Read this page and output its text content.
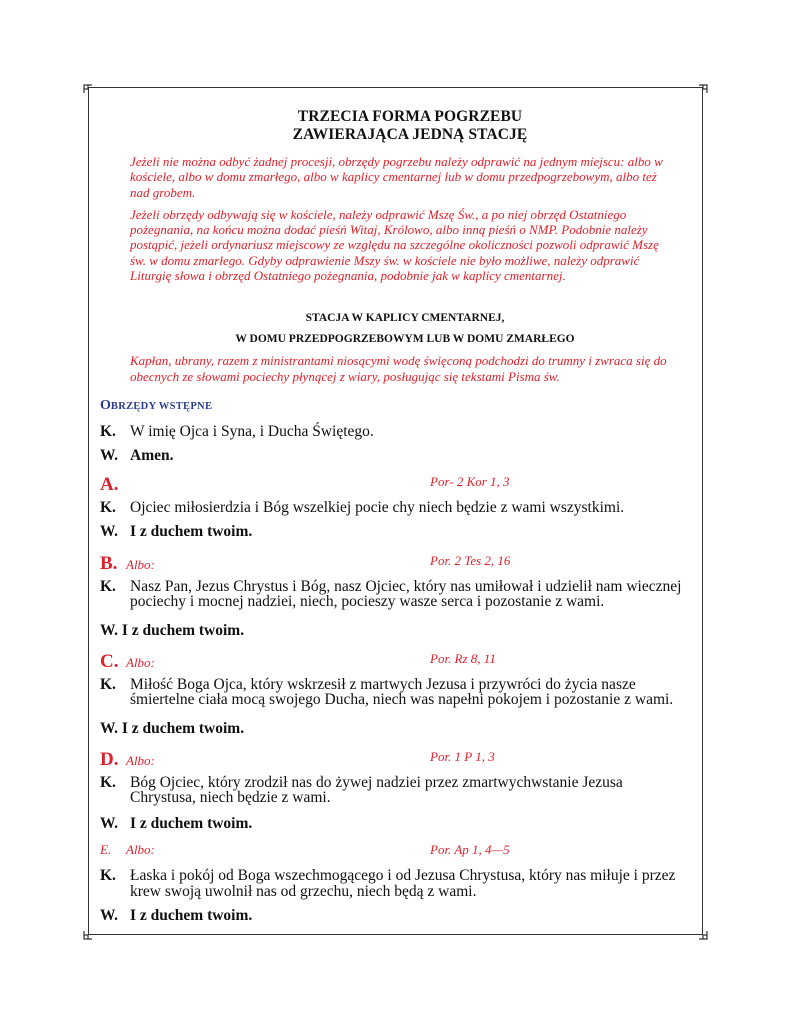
TRZECIA FORMA POGRZEBU
ZAWIERAJĄCA JEDNĄ STACJĘ

Jeżeli nie można odbyć żadnej procesji, obrzędy pogrzebu należy odprawić na jednym miejscu: albo w kościele, albo w domu zmarłego, albo w kaplicy cmentarnej lub w domu przedpogrzebowym, albo też nad grobem.

Jeżeli obrzędy odbywają się w kościele, należy odprawić Mszę Św., a po niej obrzęd Ostatniego pożegnania, na końcu można dodać pieśń Witaj, Królowo, albo inną pieśń o NMP. Podobnie należy postąpić, jeżeli ordynariusz miejscowy ze względu na szczególne okoliczności pozwoli odprawić Mszę św. w domu zmarłego. Gdyby odprawienie Mszy św. w kościele nie było możliwe, należy odprawić Liturgię słowa i obrzęd Ostatniego pożegnania, podobnie jak w kaplicy cmentarnej.

STACJA W KAPLICY CMENTARNEJ,
W DOMU PRZEDPOGRZEBOWYM LUB W DOMU ZMARŁEGO

Kapłan, ubrany, razem z ministrantami niosącymi wodę święconą podchodzi do trumny i zwraca się do obecnych ze słowami pociechy płynącej z wiary, posługując się tekstami Pisma św.

OBRZĘDY WSTĘPNE
K. W imię Ojca i Syna, i Ducha Świętego.
W. Amen.
A.	Por- 2 Kor 1, 3
K. Ojciec miłosierdzia i Bóg wszelkiej pocie chy niech będzie z wami wszystkimi.
W. I z duchem twoim.
B. Albo:	Por. 2 Tes 2, 16
K. Nasz Pan, Jezus Chrystus i Bóg, nasz Ojciec, który nas umiłował i udzielił nam wiecznej pociechy i mocnej nadziei, niech, pocieszy wasze serca i pozostanie z wami.
W. I z duchem twoim.
C. Albo:	Por. Rz 8, 11
K. Miłość Boga Ojca, który wskrzesił z martwych Jezusa i przywróci do życia nasze śmiertelne ciała mocą swojego Ducha, niech was napełni pokojem i pozostanie z wami.
W. I z duchem twoim.
D. Albo:	Por. 1 P 1, 3
K. Bóg Ojciec, który zrodził nas do żywej nadziei przez zmartwychwstanie Jezusa Chrystusa, niech będzie z wami.
W. I z duchem twoim.
E.	Albo:	Por. Ap 1, 4—5
K. Łaska i pokój od Boga wszechmogącego i od Jezusa Chrystusa, który nas miłuje i przez krew swoją uwolnił nas od grzechu, niech będą z wami.
W. I z duchem twoim.
